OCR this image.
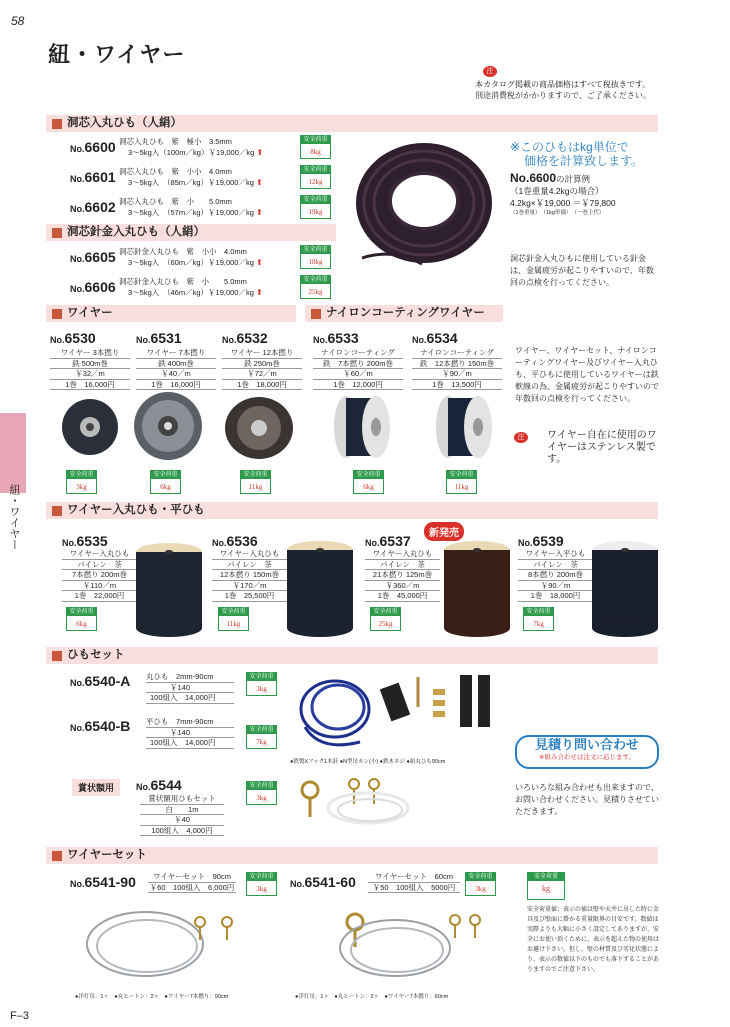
58
紐・ワイヤー
注
本カタログ掲載の商品価格はすべて税抜きです。
別途消費税がかかりますので、ご了承ください。
紐・ワイヤー
洞芯入丸ひも（人絹）
No.6600 洞芯入丸ひも　紫　極小　3.5mm
3～5kg入（100m／kg）￥19,000／kg ⬆
安全荷重
8kg
No.6601 洞芯入丸ひも　紫　小小　4.0mm
3～5kg入　（85m／kg）￥19,000／kg ⬆
安全荷重
12kg
No.6602 洞芯入丸ひも　紫　小　　5.0mm
3～5kg入　（57m／kg）￥19,000／kg ⬆
安全荷重
19kg
洞芯針金入丸ひも（人絹）
No.6605 洞芯針金入丸ひも　紫　小小　4.0mm
3～5kg入　（60m／kg）￥19,000／kg ⬆
安全荷重
18kg
No.6606 洞芯針金入丸ひも　紫　小　　5.0mm
3～5kg入　（46m／kg）￥19,000／kg ⬆
安全荷重
25kg
※このひもはkg単位で
価格を計算致します。
No.6600の計算例
（1巻重量4.2kgの場合）
4.2kg×￥19,000 ＝￥79,800
（1巻重量）　（1kg単価）　（一巻上代）
洞芯針金入丸ひもに使用している針金は、金属疲労が起こりやすいので、年数回の点検を行ってください。
ワイヤー	ナイロンコーティングワイヤー
No.6530
ワイヤー 3本撚り
鉄 500m巻
￥32／m
1巻　16,000円
No.6531
ワイヤー 7本撚り
鉄 400m巻
￥40／m
1巻　16,000円
No.6532
ワイヤー 12本撚り
鉄 250m巻
￥72／m
1巻　18,000円
No.6533
ナイロンコーティング
鉄　7本撚り 200m巻
￥60／m
1巻　12,000円
No.6534
ナイロンコーティング
鉄　12本撚り 150m巻
￥90／m
1巻　13,500円
安全荷重
3kg
安全荷重
6kg
安全荷重
11kg
安全荷重
6kg
安全荷重
11kg
ワイヤー、ワイヤーセット、ナイロンコーティングワイヤー及びワイヤー入丸ひも、平ひもに使用しているワイヤーは鉄軟線の為、金属疲労が起こりやすいので年数回の点検を行ってください。
注	ワイヤー自在に使用のワイヤーはステンレス製です。
ワイヤー入丸ひも・平ひも
No.6535
ワイヤー入丸ひも
パイレン　茶
7本撚り 200m巻
￥110／m
1巻　22,000円
No.6536
ワイヤー入丸ひも
パイレン　茶
12本撚り 150m巻
￥170／m
1巻　25,500円
No.6537
ワイヤー入丸ひも
パイレン　茶
21本撚り 125m巻
￥360／m
1巻　45,000円
新発売
No.6539
ワイヤー入平ひも
パイレン　茶
8本撚り 200m巻
￥90／m
1巻　18,000円
安全荷重
6kg
安全荷重
11kg
安全荷重
25kg
安全荷重
7kg
ひもセット
No.6540-A 丸ひも　2mm-90cm
￥140
100組入　14,000円
安全荷重
3kg
No.6540-B 平ひも　7mm-90cm
￥140
100組入　14,000円
安全荷重
7kg
賞状額用	No.6544
賞状額用ひもセット
白　　1m
￥40
100組入　4,000円
安全荷重
3kg
●鉄製Xフック1本針 ●N型吊カン(小) ●鉄木ネジ ●紐丸ひも90cm
見積り問い合わせ
※組み合わせは注文に応じます。
いろいろな組み合わせも出来ますので、お問い合わせください。見積りさせていただきます。
ワイヤーセット
No.6541-90	ワイヤーセット　90cm
￥60　100組入　6,000円
安全荷重
3kg	No.6541-60	ワイヤーセット　60cm
￥50　100組入　5000円
安全荷重
3kg
●洋灯吊：1ヶ　●丸ヒートン：2ヶ　●ワイヤー7本撚り：90cm	●洋灯吊：1ヶ　●丸ヒートン：2ヶ　●ワイヤー7本撚り：60cm
安全荷重
kg
安全荷重値：表示の値は壁や天井に吊した時に金具及び壁面に掛かる重量限界の目安です。数値は実際よりも大幅に小さく設定してありますが、安全にお使い頂くために、表示を超えた物の使用はお避け下さい。但し、壁の材質及び劣化状態により、表示の数値以下のものでも落下することがありますのでご注意下さい。
F–3
